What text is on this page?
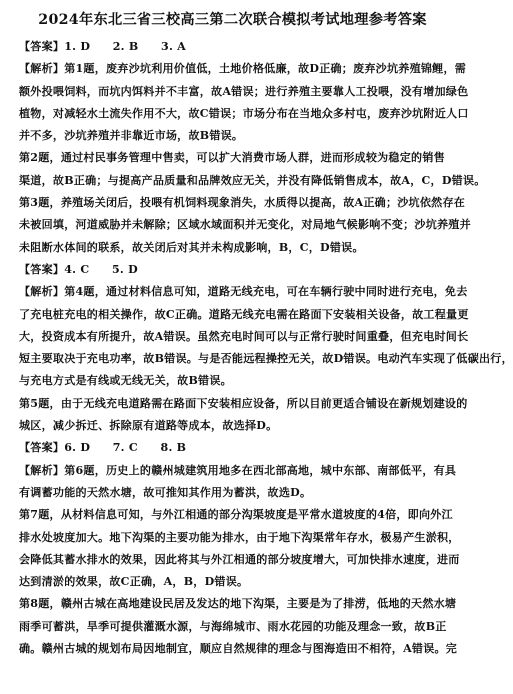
2024年东北三省三校高三第二次联合模拟考试地理参考答案
【答案】1. D　　2. B　　3. A
【解析】第1题，废弃沙坑利用价值低，土地价格低廉，故D正确；废弃沙坑养殖锦鲤，需
额外投喂饲料，而坑内饵料并不丰富，故A错误；进行养殖主要靠人工投喂，没有增加绿色
植物，对减轻水土流失作用不大，故C错误；市场分布在当地众多村屯，废弃沙坑附近人口
并不多，沙坑养殖并非靠近市场，故B错误。
第2题，通过村民事务管理中售卖，可以扩大消费市场人群，进而形成较为稳定的销售
渠道，故B正确；与提高产品质量和品牌效应无关，并没有降低销售成本，故A，C，D错误。
第3题，养殖场关闭后，投喂有机饲料现象消失，水质得以提高，故A正确；沙坑依然存在
未被回填，河道威胁并未解除；区域水域面积并无变化，对局地气候影响不变；沙坑养殖并
未阻断水体间的联系，故关闭后对其并未构成影响，B，C，D错误。
【答案】4. C　　5. D
【解析】第4题，通过材料信息可知，道路无线充电，可在车辆行驶中同时进行充电，免去
了充电桩充电的相关操作，故C正确。道路无线充电需在路面下安装相关设备，故工程量更
大，投资成本有所提升，故A错误。虽然充电时间可以与正常行驶时间重叠，但充电时间长
短主要取决于充电功率，故B错误。与是否能远程操控无关，故D错误。电动汽车实现了低碳出行，
与充电方式是有线或无线无关，故B错误。
第5题，由于无线充电道路需在路面下安装相应设备，所以目前更适合铺设在新规划建设的
城区，减少拆迁、拆除原有道路等成本，故选择D。
【答案】6. D　　7. C　　8. B
【解析】第6题，历史上的赣州城建筑用地多在西北部高地，城中东部、南部低平，有具
有调蓄功能的天然水塘，故可推知其作用为蓄洪，故选D。
第7题，从材料信息可知，与外江相通的部分沟渠坡度是平常水道坡度的4倍，即向外江
排水处坡度加大。地下沟渠的主要功能为排水，由于地下沟渠常年存水，极易产生淤积，
会降低其蓄水排水的效果，因此将其与外江相通的部分坡度增大，可加快排水速度，进而
达到清淤的效果，故C正确，A，B，D错误。
第8题，赣州古城在高地建设民居及发达的地下沟渠，主要是为了排涝，低地的天然水塘
雨季可蓄洪，旱季可提供灌溉水源，与海绵城市、雨水花园的功能及理念一致，故B正
确。赣州古城的规划布局因地制宜，顺应自然规律的理念与图海造田不相符，A错误。完
